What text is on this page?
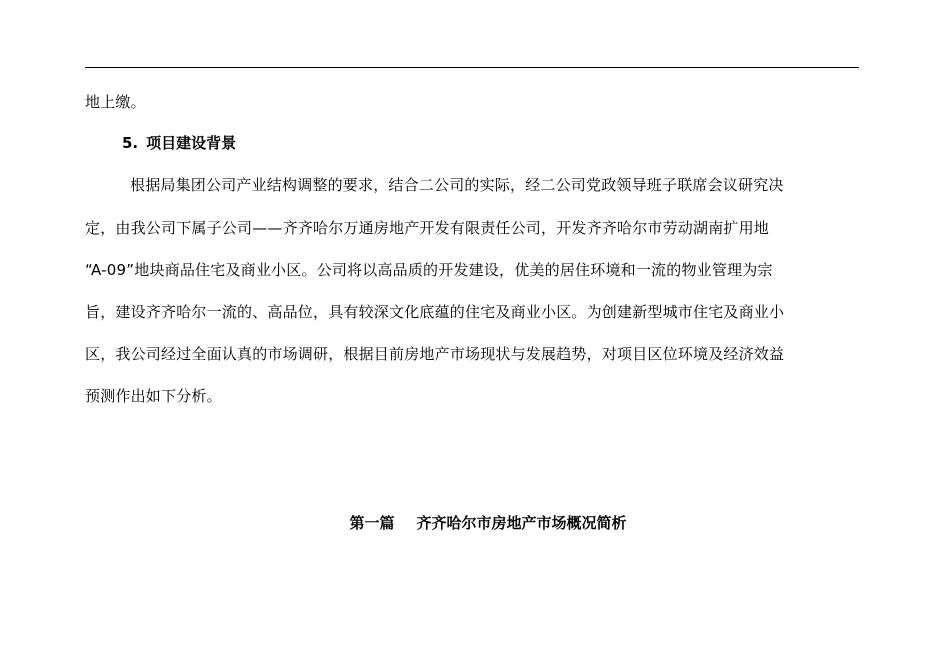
地上缴。
5. 项目建设背景
根据局集团公司产业结构调整的要求，结合二公司的实际，经二公司党政领导班子联席会议研究决
定，由我公司下属子公司——齐齐哈尔万通房地产开发有限责任公司，开发齐齐哈尔市劳动湖南扩用地
“A-09”地块商品住宅及商业小区。公司将以高品质的开发建设，优美的居住环境和一流的物业管理为宗
旨，建设齐齐哈尔一流的、高品位，具有较深文化底蕴的住宅及商业小区。为创建新型城市住宅及商业小
区，我公司经过全面认真的市场调研，根据目前房地产市场现状与发展趋势，对项目区位环境及经济效益
预测作出如下分析。
第一篇 齐齐哈尔市房地产市场概况简析
